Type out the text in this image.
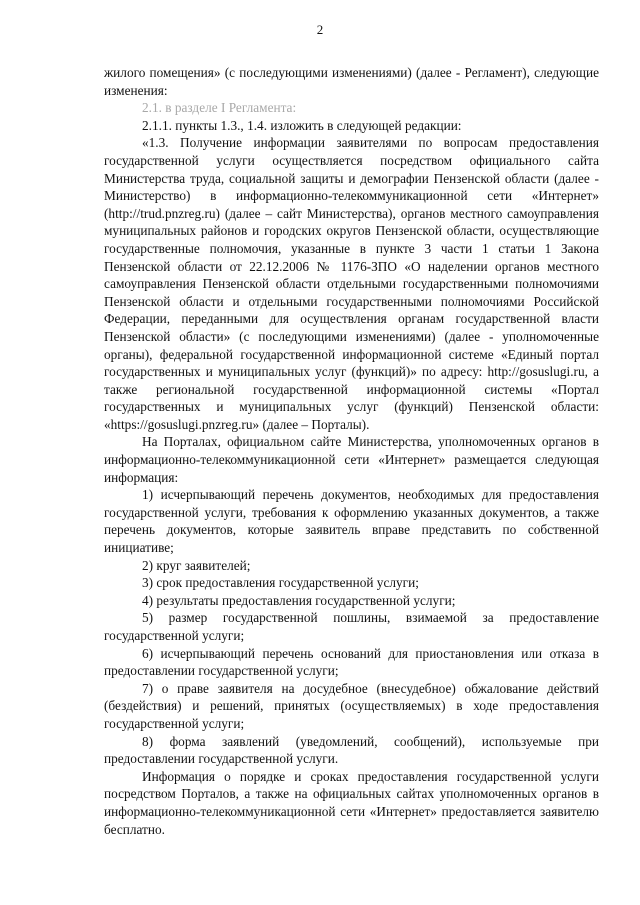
2

жилого помещения» (с последующими изменениями) (далее - Регламент), следующие изменения:

2.1. в разделе I Регламента:

2.1.1. пункты 1.3., 1.4. изложить в следующей редакции:

«1.3. Получение информации заявителями по вопросам предоставления государственной услуги осуществляется посредством официального сайта Министерства труда, социальной защиты и демографии Пензенской области (далее - Министерство) в информационно-телекоммуникационной сети «Интернет» (http://trud.pnzreg.ru) (далее – сайт Министерства), органов местного самоуправления муниципальных районов и городских округов Пензенской области, осуществляющие государственные полномочия, указанные в пункте 3 части 1 статьи 1 Закона Пензенской области от 22.12.2006 № 1176-ЗПО «О наделении органов местного самоуправления Пензенской области отдельными государственными полномочиями Пензенской области и отдельными государственными полномочиями Российской Федерации, переданными для осуществления органам государственной власти Пензенской области» (с последующими изменениями) (далее - уполномоченные органы), федеральной государственной информационной системе «Единый портал государственных и муниципальных услуг (функций)» по адресу: http://gosuslugi.ru, а также региональной государственной информационной системы «Портал государственных и муниципальных услуг (функций) Пензенской области: «https://gosuslugi.pnzreg.ru» (далее – Порталы).

На Порталах, официальном сайте Министерства, уполномоченных органов в информационно-телекоммуникационной сети «Интернет» размещается следующая информация:

1) исчерпывающий перечень документов, необходимых для предоставления государственной услуги, требования к оформлению указанных документов, а также перечень документов, которые заявитель вправе представить по собственной инициативе;

2) круг заявителей;

3) срок предоставления государственной услуги;

4) результаты предоставления государственной услуги;

5) размер государственной пошлины, взимаемой за предоставление государственной услуги;

6) исчерпывающий перечень оснований для приостановления или отказа в предоставлении государственной услуги;

7) о праве заявителя на досудебное (внесудебное) обжалование действий (бездействия) и решений, принятых (осуществляемых) в ходе предоставления государственной услуги;

8) форма заявлений (уведомлений, сообщений), используемые при предоставлении государственной услуги.

Информация о порядке и сроках предоставления государственной услуги посредством Порталов, а также на официальных сайтах уполномоченных органов в информационно-телекоммуникационной сети «Интернет» предоставляется заявителю бесплатно.
